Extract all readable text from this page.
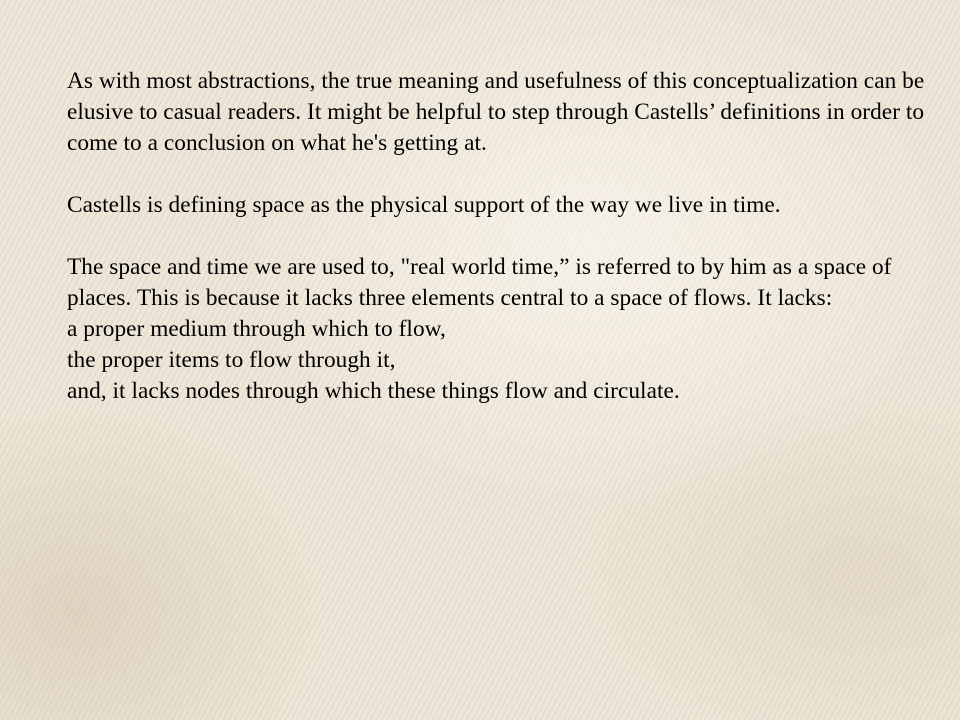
As with most abstractions, the true meaning and usefulness of this conceptualization can be elusive to casual readers. It might be helpful to step through Castells’ definitions in order to come to a conclusion on what he's getting at.

Castells is defining space as the physical support of the way we live in time.

The space and time we are used to, "real world time,” is referred to by him as a space of places. This is because it lacks three elements central to a space of flows. It lacks:

a proper medium through which to flow,
the proper items to flow through it,
and, it lacks nodes through which these things flow and circulate.
